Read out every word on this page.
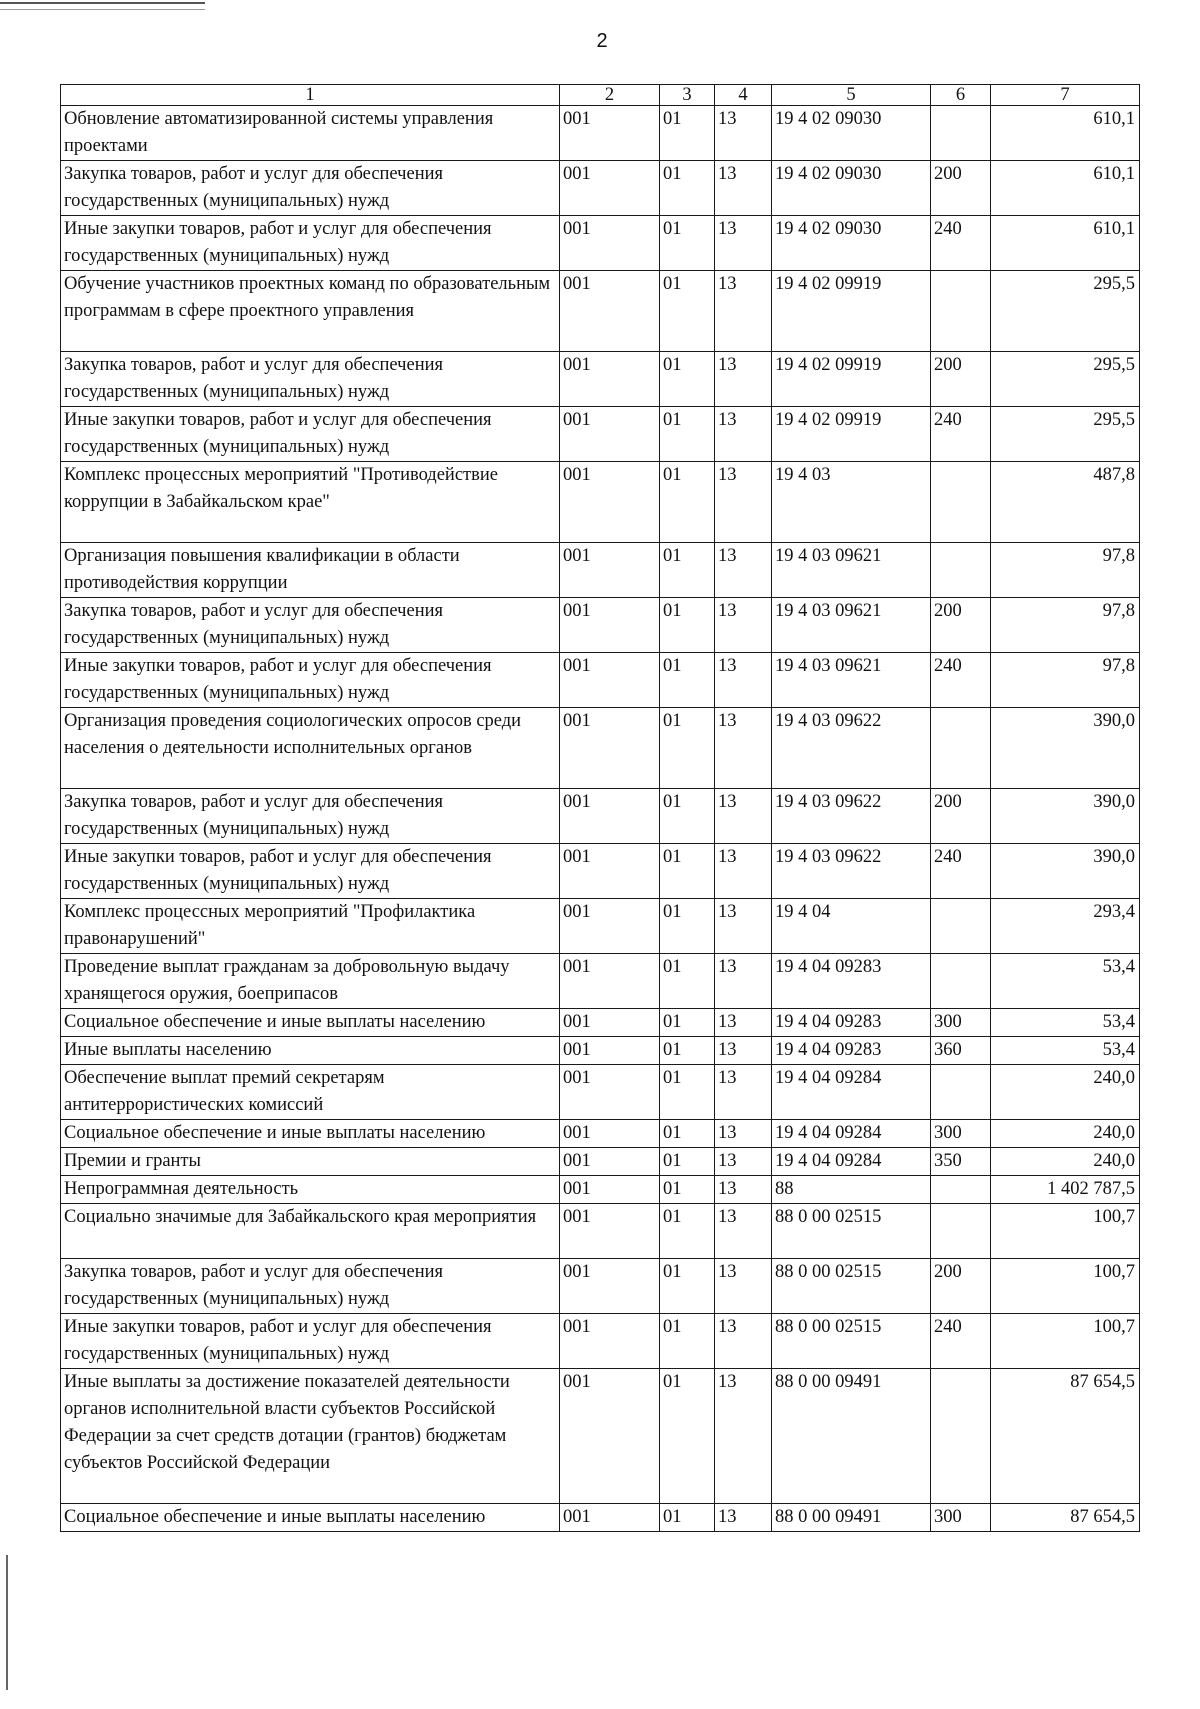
2
1	2	3	4	5	6	7
Обновление автоматизированной системы управления проектами	001	01	13	19 4 02 09030		610,1
Закупка товаров, работ и услуг для обеспечения государственных (муниципальных) нужд	001	01	13	19 4 02 09030	200	610,1
Иные закупки товаров, работ и услуг для обеспечения государственных (муниципальных) нужд	001	01	13	19 4 02 09030	240	610,1
Обучение участников проектных команд по образовательным программам в сфере проектного управления	001	01	13	19 4 02 09919		295,5
Закупка товаров, работ и услуг для обеспечения государственных (муниципальных) нужд	001	01	13	19 4 02 09919	200	295,5
Иные закупки товаров, работ и услуг для обеспечения государственных (муниципальных) нужд	001	01	13	19 4 02 09919	240	295,5
Комплекс процессных мероприятий "Противодействие коррупции в Забайкальском крае"	001	01	13	19 4 03		487,8
Организация повышения квалификации в области противодействия коррупции	001	01	13	19 4 03 09621		97,8
Закупка товаров, работ и услуг для обеспечения государственных (муниципальных) нужд	001	01	13	19 4 03 09621	200	97,8
Иные закупки товаров, работ и услуг для обеспечения государственных (муниципальных) нужд	001	01	13	19 4 03 09621	240	97,8
Организация проведения социологических опросов среди населения о деятельности исполнительных органов	001	01	13	19 4 03 09622		390,0
Закупка товаров, работ и услуг для обеспечения государственных (муниципальных) нужд	001	01	13	19 4 03 09622	200	390,0
Иные закупки товаров, работ и услуг для обеспечения государственных (муниципальных) нужд	001	01	13	19 4 03 09622	240	390,0
Комплекс процессных мероприятий "Профилактика правонарушений"	001	01	13	19 4 04		293,4
Проведение выплат гражданам за добровольную выдачу хранящегося оружия, боеприпасов	001	01	13	19 4 04 09283		53,4
Социальное обеспечение и иные выплаты населению	001	01	13	19 4 04 09283	300	53,4
Иные выплаты населению	001	01	13	19 4 04 09283	360	53,4
Обеспечение выплат премий секретарям антитеррористических комиссий	001	01	13	19 4 04 09284		240,0
Социальное обеспечение и иные выплаты населению	001	01	13	19 4 04 09284	300	240,0
Премии и гранты	001	01	13	19 4 04 09284	350	240,0
Непрограммная деятельность	001	01	13	88		1 402 787,5
Социально значимые для Забайкальского края мероприятия	001	01	13	88 0 00 02515		100,7
Закупка товаров, работ и услуг для обеспечения государственных (муниципальных) нужд	001	01	13	88 0 00 02515	200	100,7
Иные закупки товаров, работ и услуг для обеспечения государственных (муниципальных) нужд	001	01	13	88 0 00 02515	240	100,7
Иные выплаты за достижение показателей деятельности органов исполнительной власти субъектов Российской Федерации за счет средств дотации (грантов) бюджетам субъектов Российской Федерации	001	01	13	88 0 00 09491		87 654,5
Социальное обеспечение и иные выплаты населению	001	01	13	88 0 00 09491	300	87 654,5
